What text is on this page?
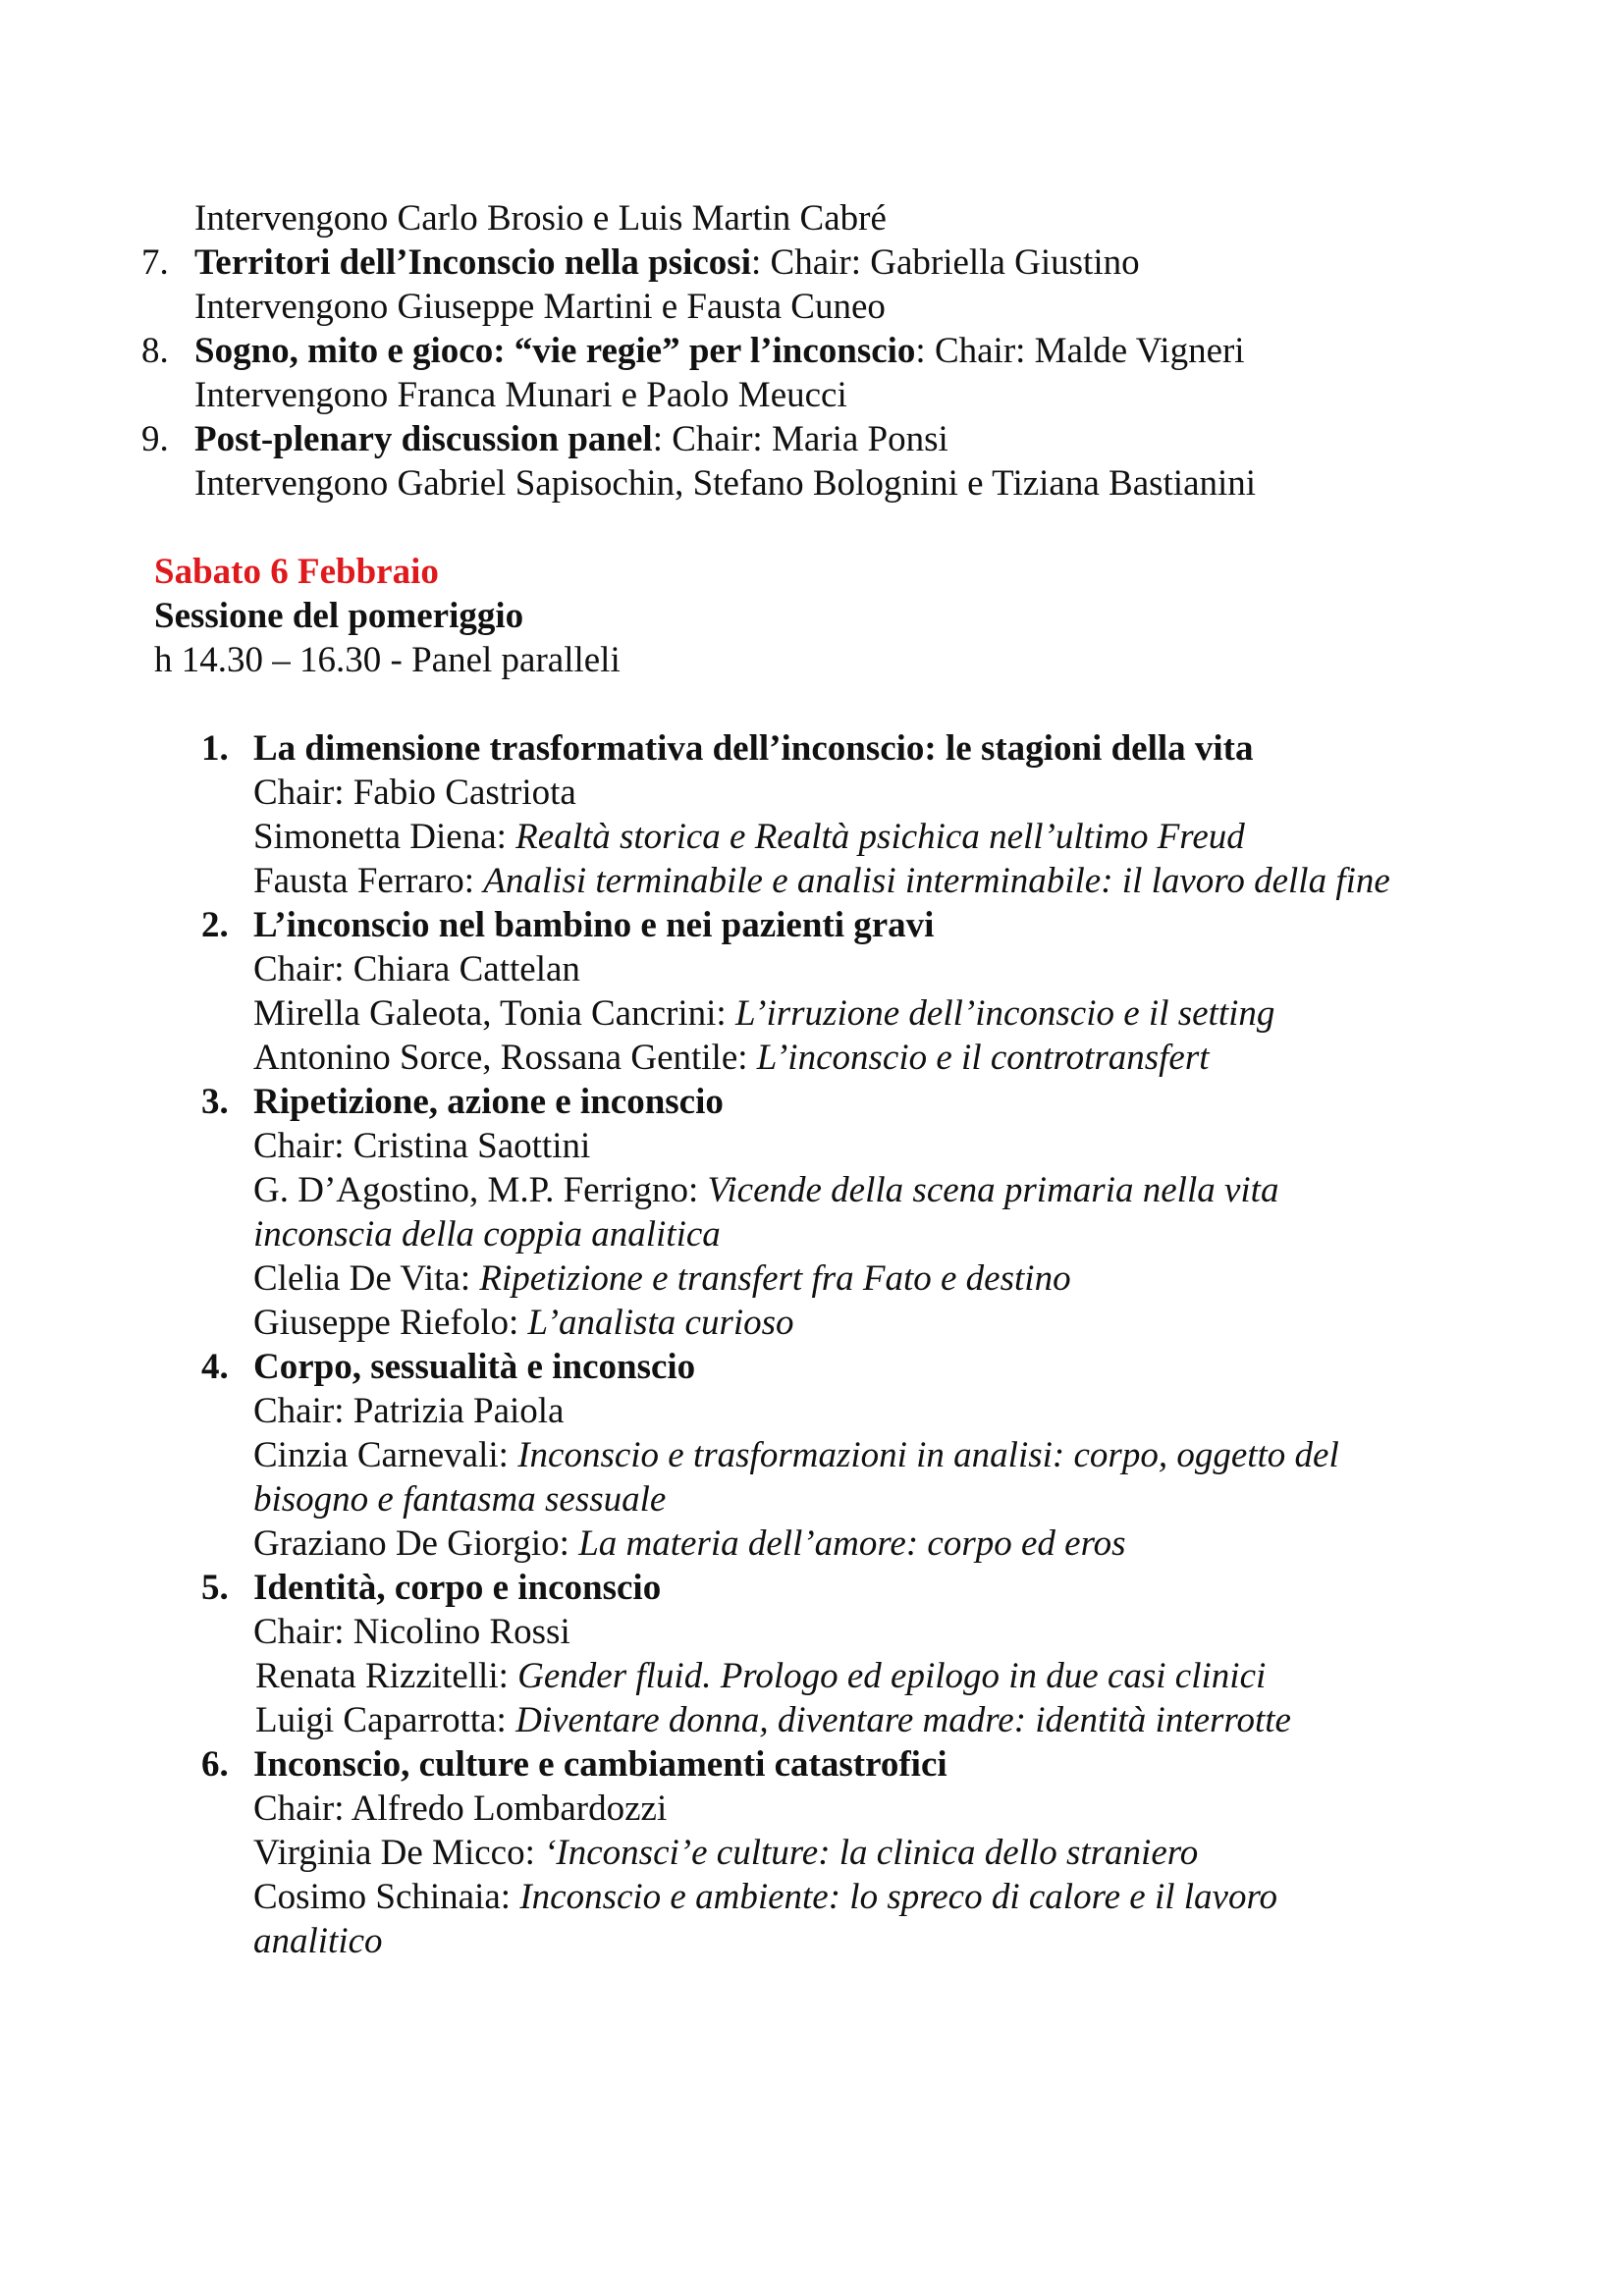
Intervengono Carlo Brosio e Luis Martin Cabré
7. Territori dell’Inconscio nella psicosi: Chair: Gabriella Giustino
Intervengono Giuseppe Martini e Fausta Cuneo
8. Sogno, mito e gioco: “vie regie” per l’inconscio: Chair: Malde Vigneri
Intervengono Franca Munari e Paolo Meucci
9. Post-plenary discussion panel: Chair: Maria Ponsi
Intervengono Gabriel Sapisochin, Stefano Bolognini e Tiziana Bastianini
Sabato 6 Febbraio
Sessione del pomeriggio
h 14.30 – 16.30 - Panel paralleli
1. La dimensione trasformativa dell’inconscio: le stagioni della vita
Chair: Fabio Castriota
Simonetta Diena: Realtà storica e Realtà psichica nell’ultimo Freud
Fausta Ferraro: Analisi terminabile e analisi interminabile: il lavoro della fine
2. L’inconscio nel bambino e nei pazienti gravi
Chair: Chiara Cattelan
Mirella Galeota, Tonia Cancrini: L’irruzione dell’inconscio e il setting
Antonino Sorce, Rossana Gentile: L’inconscio e il controtransfert
3. Ripetizione, azione e inconscio
Chair: Cristina Saottini
G. D’Agostino, M.P. Ferrigno: Vicende della scena primaria nella vita
inconscia della coppia analitica
Clelia De Vita: Ripetizione e transfert fra Fato e destino
Giuseppe Riefolo: L’analista curioso
4. Corpo, sessualità e inconscio
Chair: Patrizia Paiola
Cinzia Carnevali: Inconscio e trasformazioni in analisi: corpo, oggetto del
bisogno e fantasma sessuale
Graziano De Giorgio: La materia dell’amore: corpo ed eros
5. Identità, corpo e inconscio
Chair: Nicolino Rossi
Renata Rizzitelli: Gender fluid. Prologo ed epilogo in due casi clinici
Luigi Caparrotta: Diventare donna, diventare madre: identità interrotte
6. Inconscio, culture e cambiamenti catastrofici
Chair: Alfredo Lombardozzi
Virginia De Micco: ‘Inconsci’e culture: la clinica dello straniero
Cosimo Schinaia: Inconscio e ambiente: lo spreco di calore e il lavoro
analitico
